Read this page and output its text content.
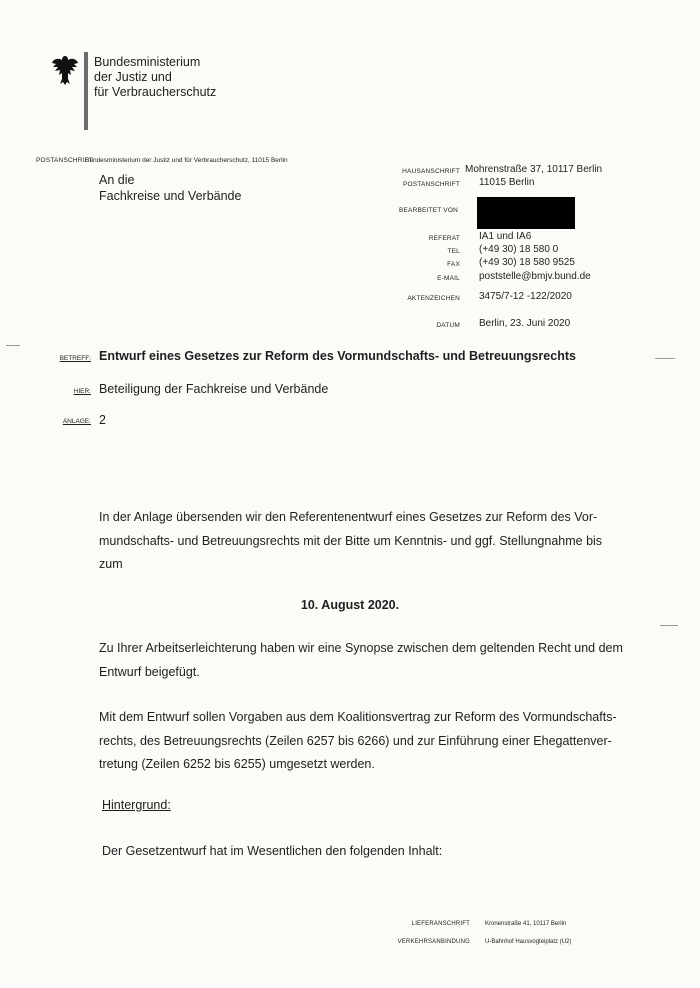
Bundesministerium
der Justiz und
für Verbraucherschutz
POSTANSCHRIFT
Bundesministerium der Justiz und für Verbraucherschutz, 11015 Berlin
An die
Fachkreise und Verbände
HAUSANSCHRIFT Mohrenstraße 37, 10117 Berlin
POSTANSCHRIFT 11015 Berlin
BEARBEITET VON
REFERAT IA1 und IA6
TEL (+49 30) 18 580 0
FAX (+49 30) 18 580 9525
E-MAIL poststelle@bmjv.bund.de
AKTENZEICHEN 3475/7-12 -122/2020
DATUM Berlin, 23. Juni 2020
BETREFF: Entwurf eines Gesetzes zur Reform des Vormundschafts- und Betreuungsrechts
HIER: Beteiligung der Fachkreise und Verbände
ANLAGE: 2
In der Anlage übersenden wir den Referentenentwurf eines Gesetzes zur Reform des Vor-
mundschafts- und Betreuungsrechts mit der Bitte um Kenntnis- und ggf. Stellungnahme bis
zum
10. August 2020.
Zu Ihrer Arbeitserleichterung haben wir eine Synopse zwischen dem geltenden Recht und dem
Entwurf beigefügt.
Mit dem Entwurf sollen Vorgaben aus dem Koalitionsvertrag zur Reform des Vormundschafts-
rechts, des Betreuungsrechts (Zeilen 6257 bis 6266) und zur Einführung einer Ehegattenver-
tretung (Zeilen 6252 bis 6255) umgesetzt werden.
Hintergrund:
Der Gesetzentwurf hat im Wesentlichen den folgenden Inhalt:
LIEFERANSCHRIFT	Kronenstraße 41, 10117 Berlin
VERKEHRSANBINDUNG	U-Bahnhof Hausvogteiplatz (U2)
